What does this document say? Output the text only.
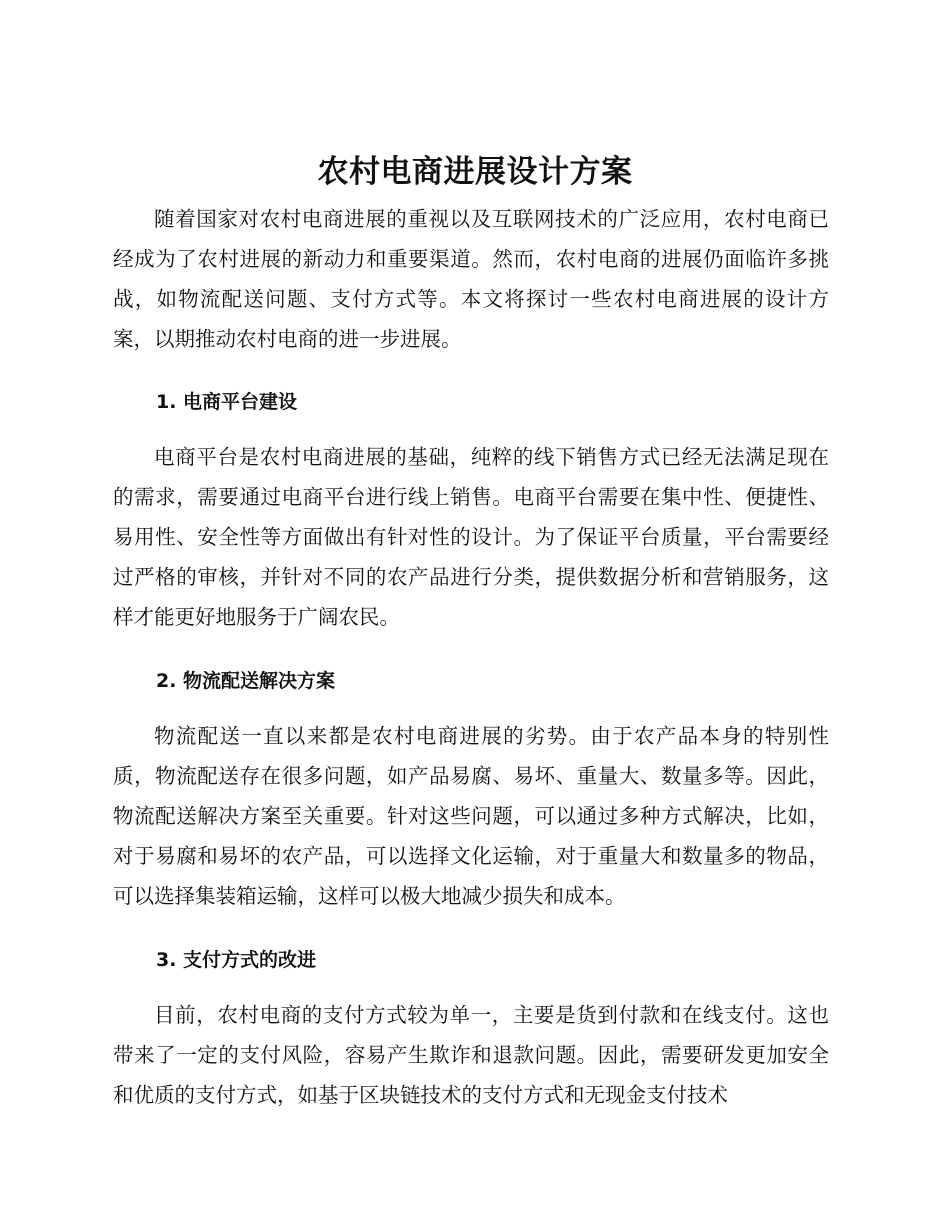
农村电商进展设计方案

随着国家对农村电商进展的重视以及互联网技术的广泛应用，农村电商已经成为了农村进展的新动力和重要渠道。然而，农村电商的进展仍面临许多挑战，如物流配送问题、支付方式等。本文将探讨一些农村电商进展的设计方案，以期推动农村电商的进一步进展。

1. 电商平台建设

电商平台是农村电商进展的基础，纯粹的线下销售方式已经无法满足现在的需求，需要通过电商平台进行线上销售。电商平台需要在集中性、便捷性、易用性、安全性等方面做出有针对性的设计。为了保证平台质量，平台需要经过严格的审核，并针对不同的农产品进行分类，提供数据分析和营销服务，这样才能更好地服务于广阔农民。

2. 物流配送解决方案

物流配送一直以来都是农村电商进展的劣势。由于农产品本身的特别性质，物流配送存在很多问题，如产品易腐、易坏、重量大、数量多等。因此，物流配送解决方案至关重要。针对这些问题，可以通过多种方式解决，比如，对于易腐和易坏的农产品，可以选择文化运输，对于重量大和数量多的物品，可以选择集装箱运输，这样可以极大地减少损失和成本。

3. 支付方式的改进

目前，农村电商的支付方式较为单一，主要是货到付款和在线支付。这也带来了一定的支付风险，容易产生欺诈和退款问题。因此，需要研发更加安全和优质的支付方式，如基于区块链技术的支付方式和无现金支付技术
